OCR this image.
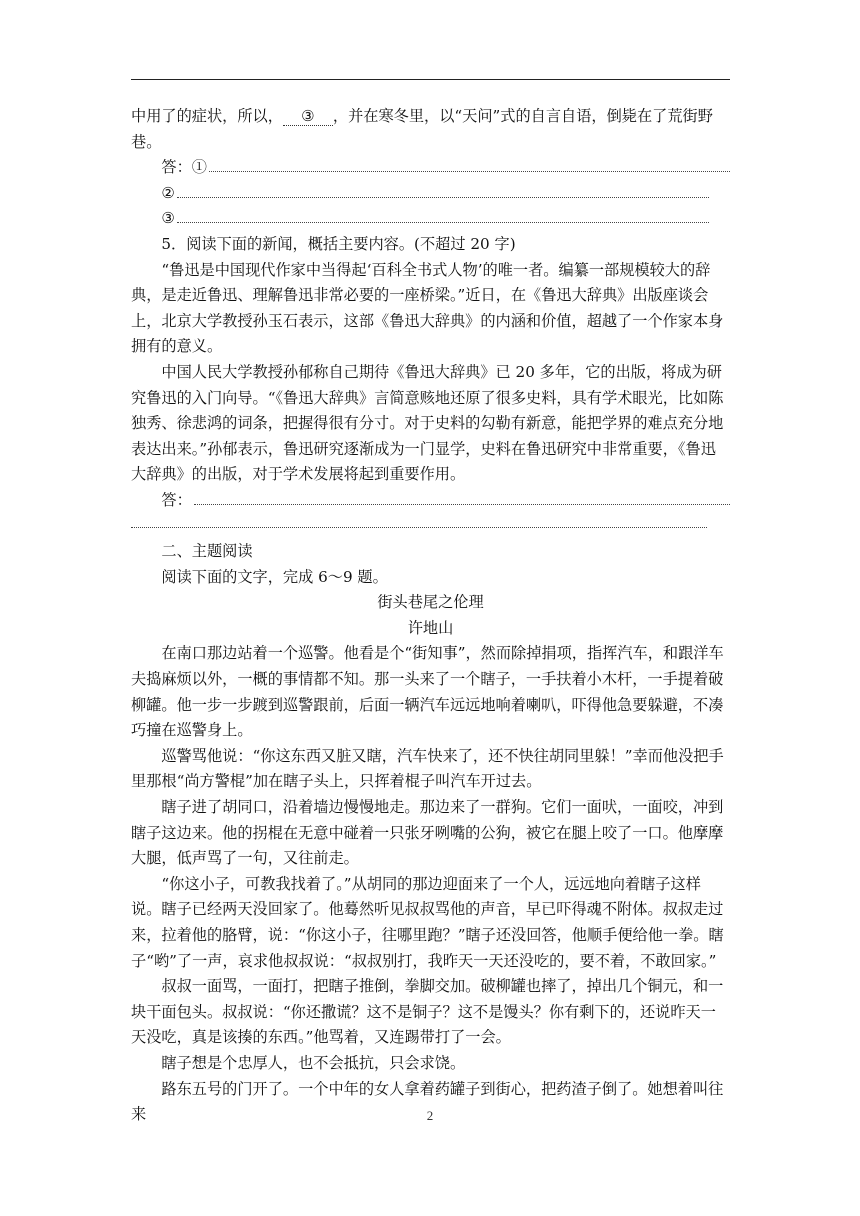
中用了的症状，所以， ③ ，并在寒冬里，以“天问”式的自言自语，倒毙在了荒街野巷。

答：①

②

③

5．阅读下面的新闻，概括主要内容。(不超过 20 字)

“鲁迅是中国现代作家中当得起‘百科全书式人物’的唯一者。编纂一部规模较大的辞典，是走近鲁迅、理解鲁迅非常必要的一座桥梁。”近日，在《鲁迅大辞典》出版座谈会上，北京大学教授孙玉石表示，这部《鲁迅大辞典》的内涵和价值，超越了一个作家本身拥有的意义。

中国人民大学教授孙郁称自己期待《鲁迅大辞典》已 20 多年，它的出版，将成为研究鲁迅的入门向导。“《鲁迅大辞典》言简意赅地还原了很多史料，具有学术眼光，比如陈独秀、徐悲鸿的词条，把握得很有分寸。对于史料的勾勒有新意，能把学界的难点充分地表达出来。”孙郁表示，鲁迅研究逐渐成为一门显学，史料在鲁迅研究中非常重要，《鲁迅大辞典》的出版，对于学术发展将起到重要作用。

答：

二、主题阅读

阅读下面的文字，完成 6～9 题。

街头巷尾之伦理

许地山

在南口那边站着一个巡警。他看是个“街知事”，然而除掉捐项，指挥汽车，和跟洋车夫捣麻烦以外，一概的事情都不知。那一头来了一个瞎子，一手扶着小木杆，一手提着破柳罐。他一步一步踱到巡警跟前，后面一辆汽车远远地响着喇叭，吓得他急要躲避，不凑巧撞在巡警身上。

巡警骂他说：“你这东西又脏又瞎，汽车快来了，还不快往胡同里躲！”幸而他没把手里那根“尚方警棍”加在瞎子头上，只挥着棍子叫汽车开过去。

瞎子进了胡同口，沿着墙边慢慢地走。那边来了一群狗。它们一面吠，一面咬，冲到瞎子这边来。他的拐棍在无意中碰着一只张牙咧嘴的公狗，被它在腿上咬了一口。他摩摩大腿，低声骂了一句，又往前走。

“你这小子，可教我找着了。”从胡同的那边迎面来了一个人，远远地向着瞎子这样说。瞎子已经两天没回家了。他蓦然听见叔叔骂他的声音，早已吓得魂不附体。叔叔走过来，拉着他的胳臂，说：“你这小子，往哪里跑？”瞎子还没回答，他顺手便给他一拳。瞎子“哟”了一声，哀求他叔叔说：“叔叔别打，我昨天一天还没吃的，要不着，不敢回家。”

叔叔一面骂，一面打，把瞎子推倒，拳脚交加。破柳罐也摔了，掉出几个铜元，和一块干面包头。叔叔说：“你还撒谎？这不是铜子？这不是馒头？你有剩下的，还说昨天一天没吃，真是该揍的东西。”他骂着，又连踢带打了一会。

瞎子想是个忠厚人，也不会抵抗，只会求饶。

路东五号的门开了。一个中年的女人拿着药罐子到街心，把药渣子倒了。她想着叫往来	2
